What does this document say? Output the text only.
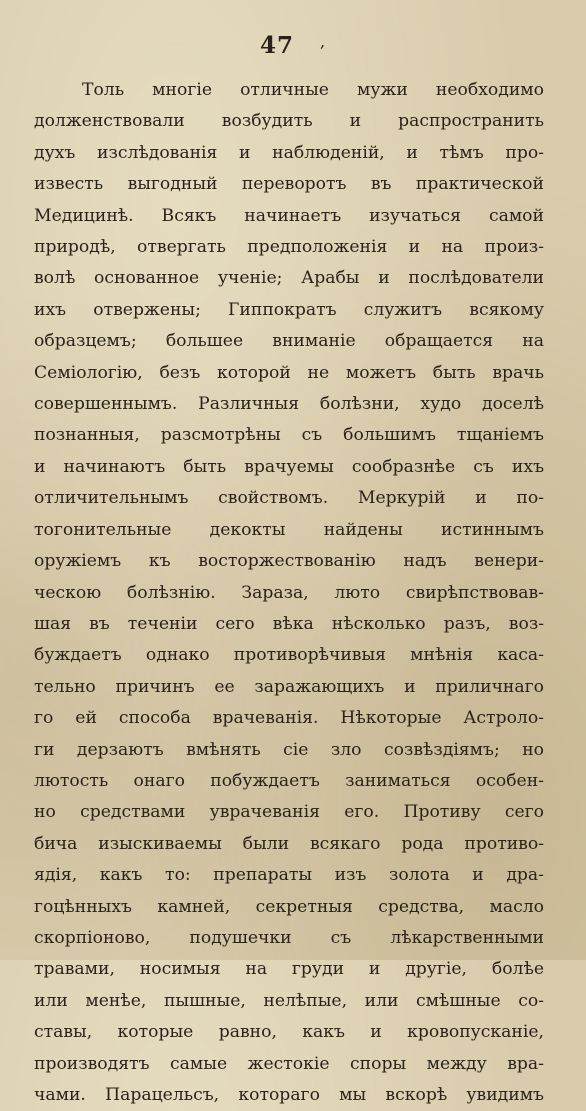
47 ,
Толь многіе отличные мужи необходимо
долженствовали возбудить и распространить
духъ изслѣдованія и наблюденій, и тѣмъ про-
известь выгодный переворотъ въ практической
Медицинѣ. Всякъ начинаетъ изучаться самой
природѣ, отвергать предположенія и на произ-
волѣ основанное ученіе; Арабы и послѣдователи
ихъ отвержены; Гиппократъ служитъ всякому
образцемъ; большее вниманіе обращается на
Семіологію, безъ которой не можетъ быть врачь
совершеннымъ. Различныя болѣзни, худо доселѣ
познанныя, разсмотрѣны съ большимъ тщаніемъ
и начинаютъ быть врачуемы сообразнѣе съ ихъ
отличительнымъ свойствомъ. Меркурій и по-
тогонительные декокты найдены истиннымъ
оружіемъ къ восторжествованію надъ венери-
ческою болѣзнію. Зараза, люто свирѣпствовав-
шая въ теченіи сего вѣка нѣсколько разъ, воз-
буждаетъ однако противорѣчивыя мнѣнія каса-
тельно причинъ ее заражающихъ и приличнаго
го ей способа врачеванія. Нѣкоторые Астроло-
ги дерзаютъ вмѣнять сіе зло созвѣздіямъ; но
лютость онаго побуждаетъ заниматься особен-
но средствами уврачеванія его. Противу сего
бича изыскиваемы были всякаго рода противо-
ядія, какъ то: препараты изъ золота и дра-
гоцѣнныхъ камней, секретныя средства, масло
скорпіоново, подушечки съ лѣкарственными
травами, носимыя на груди и другіе, болѣе
или менѣе, пышные, нелѣпые, или смѣшные со-
ставы, которые равно, какъ и кровопусканіе,
производятъ самые жестокіе споры между вра-
чами. Парацельсъ, котораго мы вскорѣ увидимъ
